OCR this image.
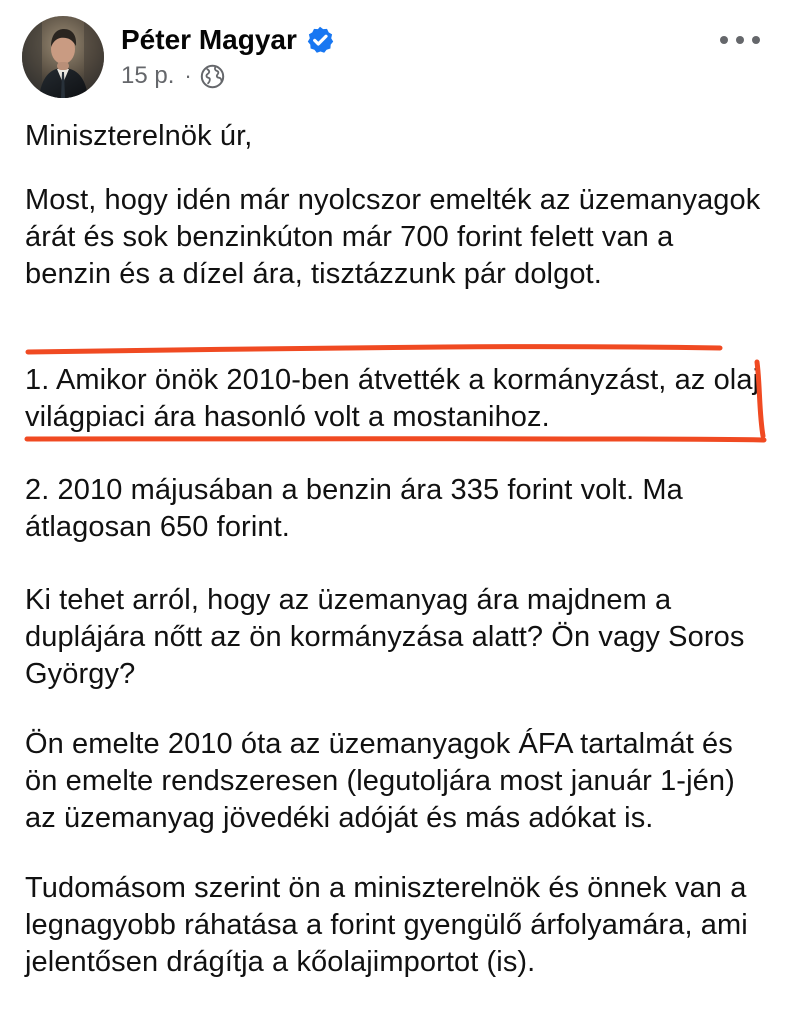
Péter Magyar
15 p. ·

Miniszterelnök úr,

Most, hogy idén már nyolcszor emelték az üzemanyagok árát és sok benzinkúton már 700 forint felett van a benzin és a dízel ára, tisztázzunk pár dolgot.

1. Amikor önök 2010-ben átvették a kormányzást, az olaj világpiaci ára hasonló volt a mostanihoz.

2. 2010 májusában a benzin ára 335 forint volt. Ma átlagosan 650 forint.

Ki tehet arról, hogy az üzemanyag ára majdnem a duplájára nőtt az ön kormányzása alatt? Ön vagy Soros György?

Ön emelte 2010 óta az üzemanyagok ÁFA tartalmát és ön emelte rendszeresen (legutoljára most január 1-jén) az üzemanyag jövedéki adóját és más adókat is.

Tudomásom szerint ön a miniszterelnök és önnek van a legnagyobb ráhatása a forint gyengülő árfolyamára, ami jelentősen drágítja a kőolajimportot (is).
